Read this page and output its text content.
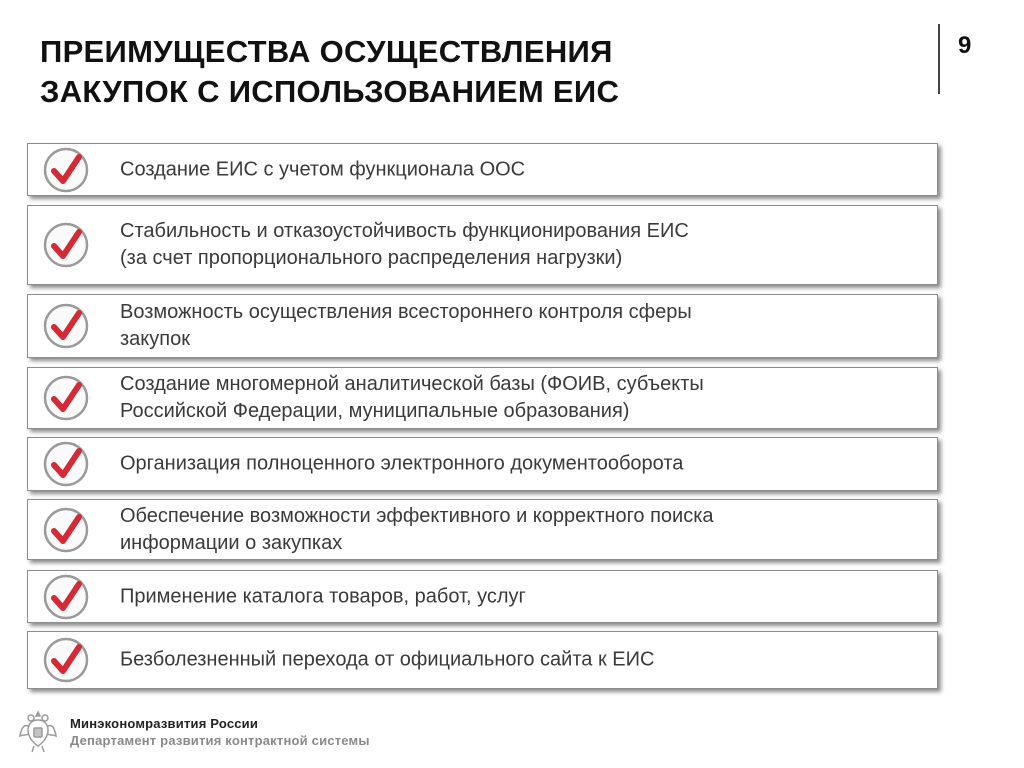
ПРЕИМУЩЕСТВА ОСУЩЕСТВЛЕНИЯ
ЗАКУПОК С ИСПОЛЬЗОВАНИЕМ ЕИС
9
Создание ЕИС с учетом функционала ООС
Стабильность и отказоустойчивость функционирования ЕИС
(за счет пропорционального распределения нагрузки)
Возможность осуществления всестороннего контроля сферы
закупок
Создание многомерной аналитической базы (ФОИВ, субъекты
Российской Федерации, муниципальные образования)
Организация полноценного электронного документооборота
Обеспечение возможности эффективного и корректного поиска
информации о закупках
Применение каталога товаров, работ, услуг
Безболезненный перехода от официального сайта к ЕИС
Минэкономразвития России
Департамент развития контрактной системы
